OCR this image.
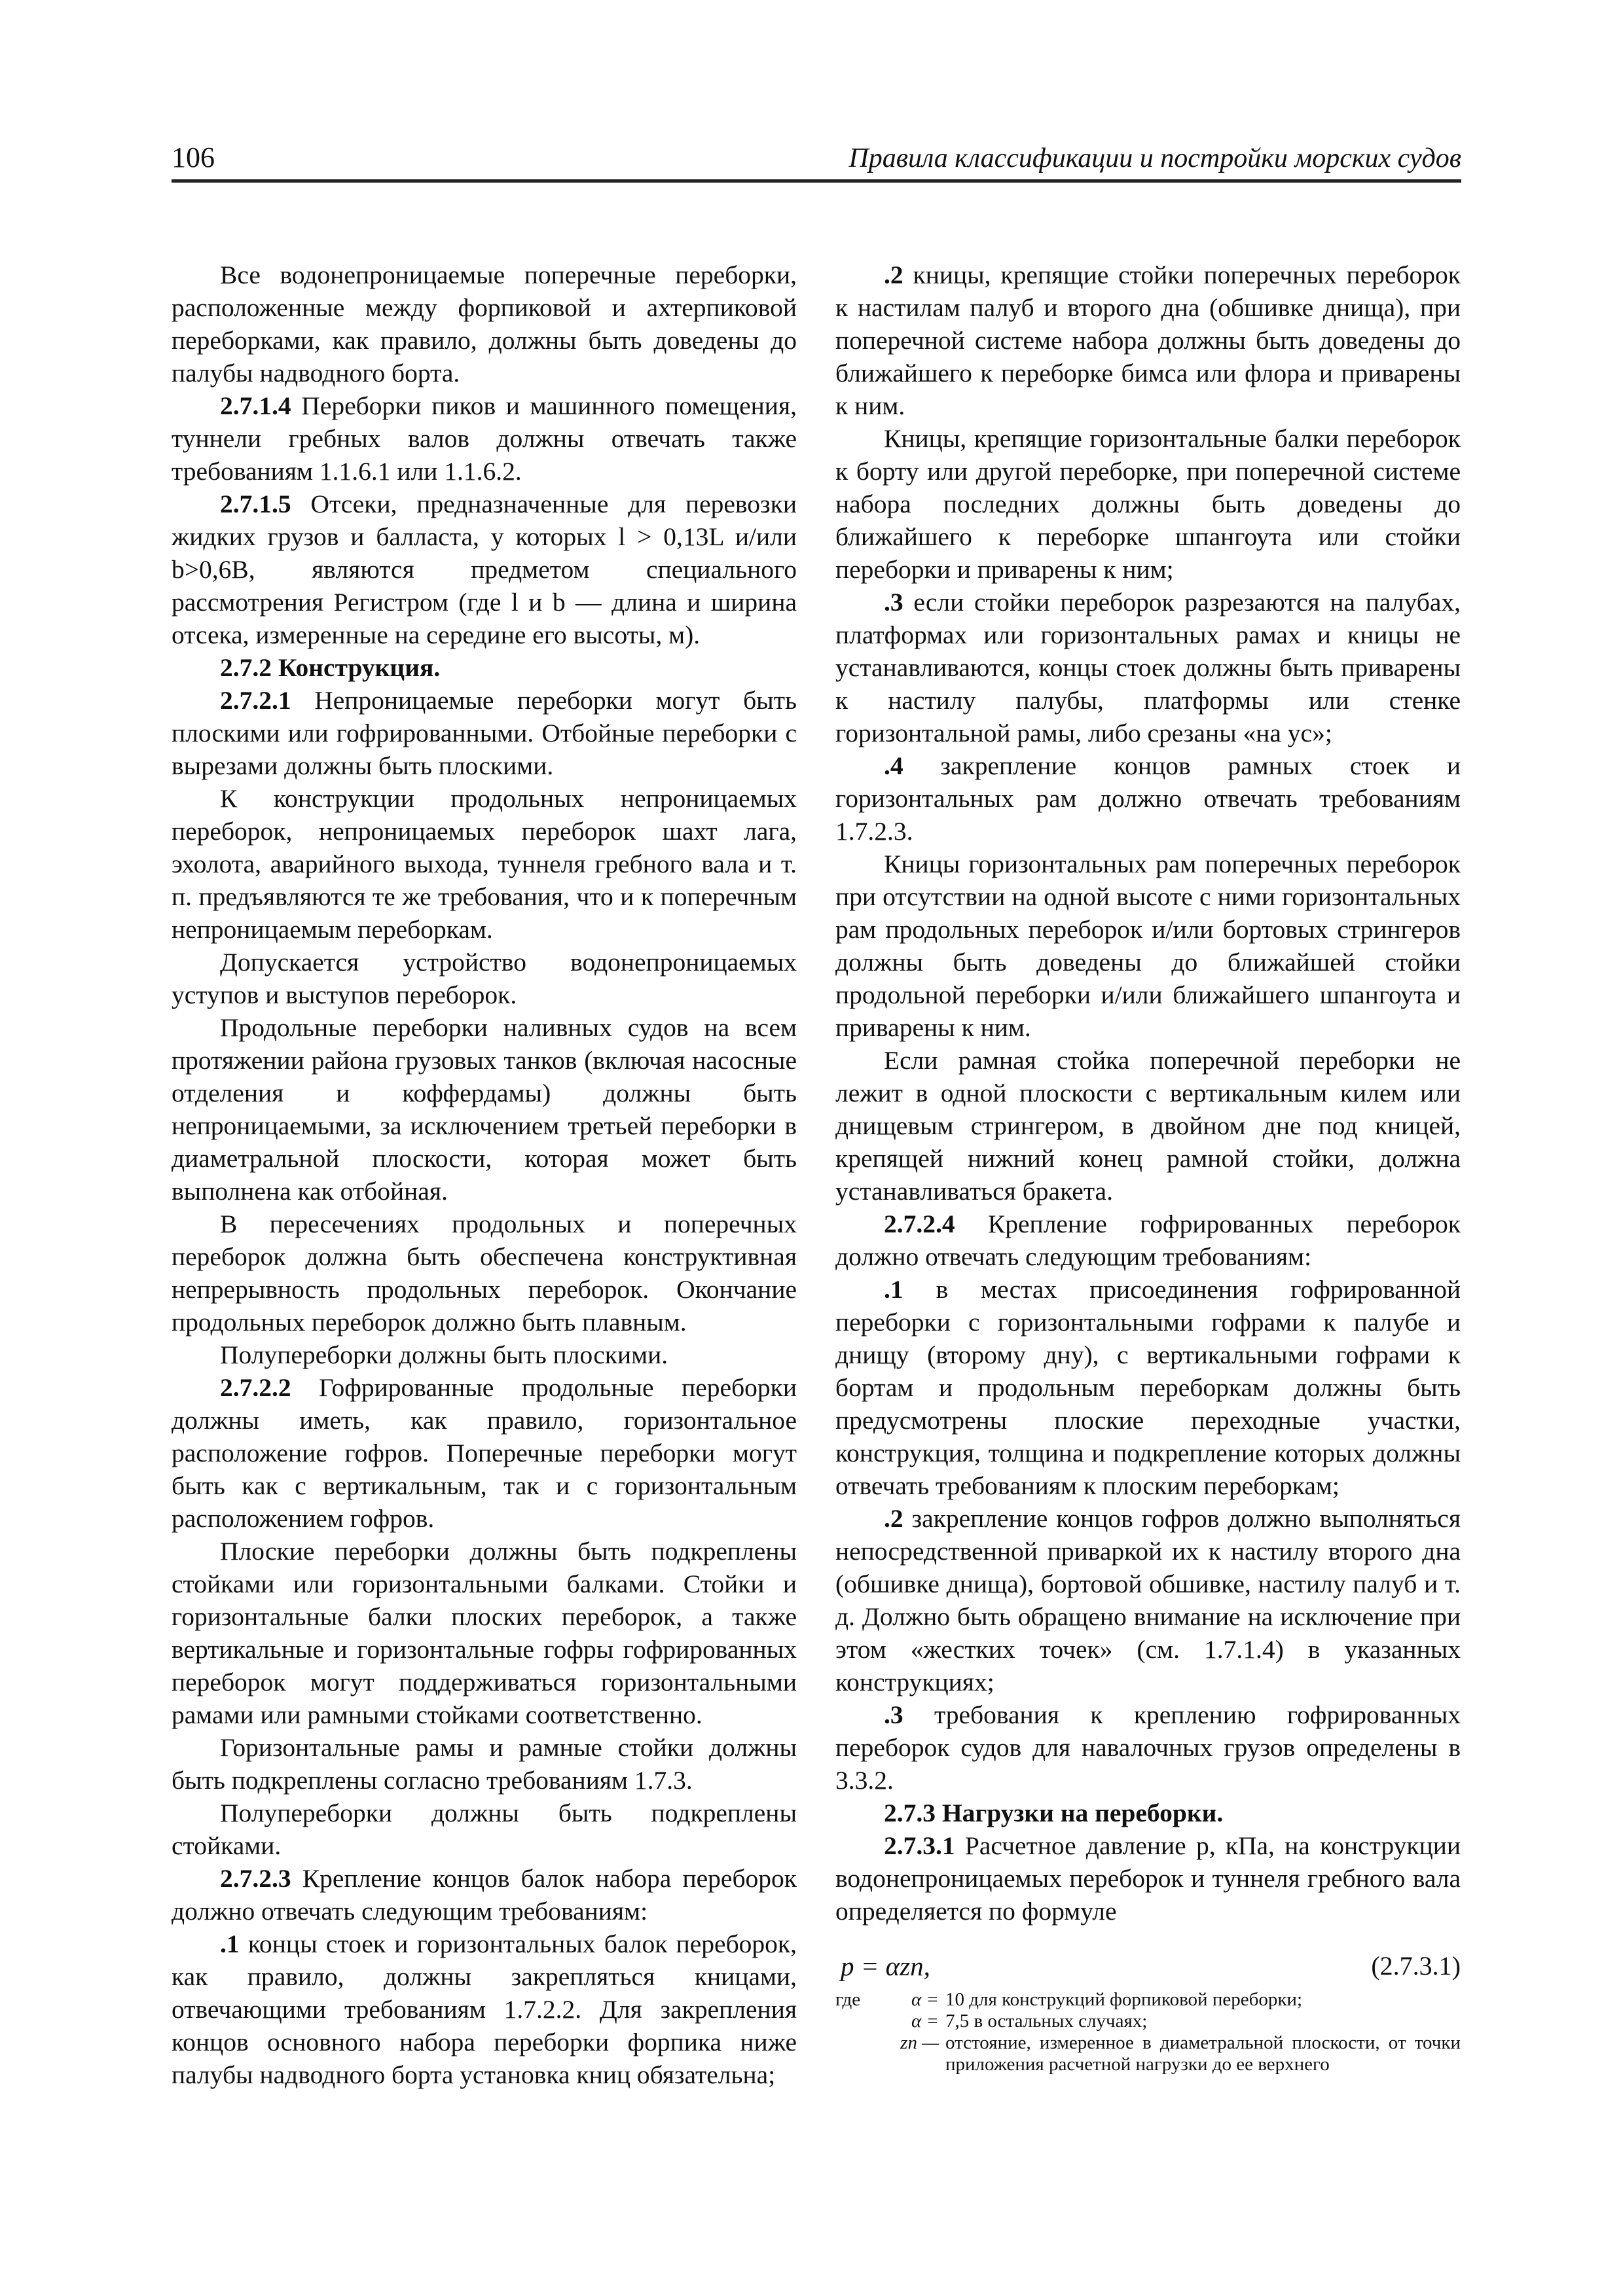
106	Правила классификации и постройки морских судов

Все водонепроницаемые поперечные переборки, расположенные между форпиковой и ахтерпиковой переборками, как правило, должны быть доведены до палубы надводного борта.

2.7.1.4 Переборки пиков и машинного помещения, туннели гребных валов должны отвечать также требованиям 1.1.6.1 или 1.1.6.2.

2.7.1.5 Отсеки, предназначенные для перевозки жидких грузов и балласта, у которых l > 0,13L и/или b>0,6B, являются предметом специального рассмотрения Регистром (где l и b — длина и ширина отсека, измеренные на середине его высоты, м).

2.7.2 Конструкция.

2.7.2.1 Непроницаемые переборки могут быть плоскими или гофрированными. Отбойные переборки с вырезами должны быть плоскими.

К конструкции продольных непроницаемых переборок, непроницаемых переборок шахт лага, эхолота, аварийного выхода, туннеля гребного вала и т. п. предъявляются те же требования, что и к поперечным непроницаемым переборкам.

Допускается устройство водонепроницаемых уступов и выступов переборок.

Продольные переборки наливных судов на всем протяжении района грузовых танков (включая насосные отделения и коффердамы) должны быть непроницаемыми, за исключением третьей переборки в диаметральной плоскости, которая может быть выполнена как отбойная.

В пересечениях продольных и поперечных переборок должна быть обеспечена конструктивная непрерывность продольных переборок. Окончание продольных переборок должно быть плавным.

Полупереборки должны быть плоскими.

2.7.2.2 Гофрированные продольные переборки должны иметь, как правило, горизонтальное расположение гофров. Поперечные переборки могут быть как с вертикальным, так и с горизонтальным расположением гофров.

Плоские переборки должны быть подкреплены стойками или горизонтальными балками. Стойки и горизонтальные балки плоских переборок, а также вертикальные и горизонтальные гофры гофрированных переборок могут поддерживаться горизонтальными рамами или рамными стойками соответственно.

Горизонтальные рамы и рамные стойки должны быть подкреплены согласно требованиям 1.7.3.

Полупереборки должны быть подкреплены стойками.

2.7.2.3 Крепление концов балок набора переборок должно отвечать следующим требованиям:

.1 концы стоек и горизонтальных балок переборок, как правило, должны закрепляться кницами, отвечающими требованиям 1.7.2.2. Для закрепления концов основного набора переборки форпика ниже палубы надводного борта установка книц обязательна;

.2 кницы, крепящие стойки поперечных переборок к настилам палуб и второго дна (обшивке днища), при поперечной системе набора должны быть доведены до ближайшего к переборке бимса или флора и приварены к ним.

Кницы, крепящие горизонтальные балки переборок к борту или другой переборке, при поперечной системе набора последних должны быть доведены до ближайшего к переборке шпангоута или стойки переборки и приварены к ним;

.3 если стойки переборок разрезаются на палубах, платформах или горизонтальных рамах и кницы не устанавливаются, концы стоек должны быть приварены к настилу палубы, платформы или стенке горизонтальной рамы, либо срезаны «на ус»;

.4 закрепление концов рамных стоек и горизонтальных рам должно отвечать требованиям 1.7.2.3.

Кницы горизонтальных рам поперечных переборок при отсутствии на одной высоте с ними горизонтальных рам продольных переборок и/или бортовых стрингеров должны быть доведены до ближайшей стойки продольной переборки и/или ближайшего шпангоута и приварены к ним.

Если рамная стойка поперечной переборки не лежит в одной плоскости с вертикальным килем или днищевым стрингером, в двойном дне под кницей, крепящей нижний конец рамной стойки, должна устанавливаться бракета.

2.7.2.4 Крепление гофрированных переборок должно отвечать следующим требованиям:

.1 в местах присоединения гофрированной переборки с горизонтальными гофрами к палубе и днищу (второму дну), с вертикальными гофрами к бортам и продольным переборкам должны быть предусмотрены плоские переходные участки, конструкция, толщина и подкрепление которых должны отвечать требованиям к плоским переборкам;

.2 закрепление концов гофров должно выполняться непосредственной приваркой их к настилу второго дна (обшивке днища), бортовой обшивке, настилу палуб и т. д. Должно быть обращено внимание на исключение при этом «жестких точек» (см. 1.7.1.4) в указанных конструкциях;

.3 требования к креплению гофрированных переборок судов для навалочных грузов определены в 3.3.2.

2.7.3 Нагрузки на переборки.

2.7.3.1 Расчетное давление p, кПа, на конструкции водонепроницаемых переборок и туннеля гребного вала определяется по формуле

p = αzп,	(2.7.3.1)
где	α = 10 для конструкций форпиковой переборки;
α = 7,5 в остальных случаях;
zп — отстояние, измеренное в диаметральной плоскости, от точки приложения расчетной нагрузки до ее верхнего
